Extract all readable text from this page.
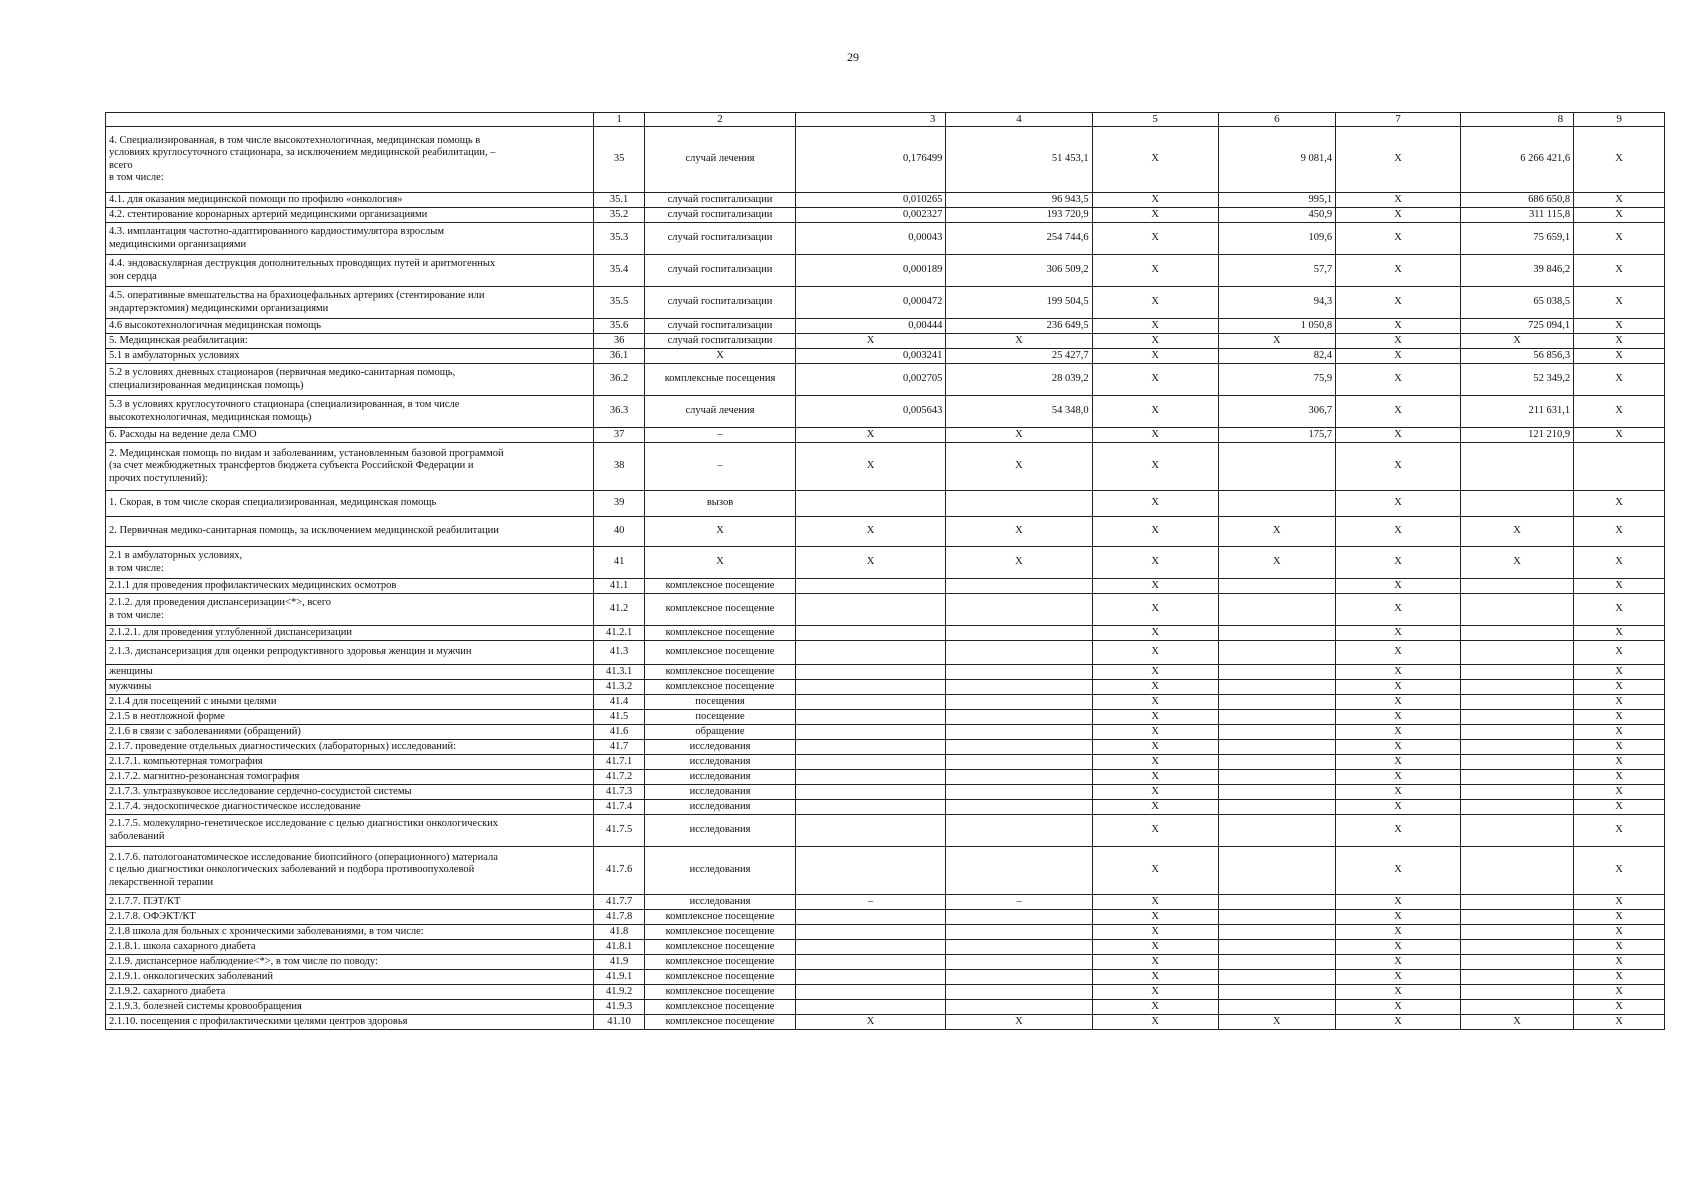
29
	1	2	3	4	5	6	7	8	9
4. Специализированная, в том числе высокотехнологичная, медицинская помощь в
условиях круглосуточного стационара, за исключением медицинской реабилитации, –
всего
в том числе:	35	случай лечения	0,176499	51 453,1	X	9 081,4	X	6 266 421,6	X
4.1. для оказания медицинской помощи по профилю «онкология»	35.1	случай госпитализации	0,010265	96 943,5	X	995,1	X	686 650,8	X
4.2. стентирование коронарных артерий медицинскими организациями	35.2	случай госпитализации	0,002327	193 720,9	X	450,9	X	311 115,8	X
4.3. имплантация частотно-адаптированного кардиостимулятора взрослым
медицинскими организациями	35.3	случай госпитализации	0,00043	254 744,6	X	109,6	X	75 659,1	X
4.4. эндоваскулярная деструкция дополнительных проводящих путей и аритмогенных
зон сердца	35.4	случай госпитализации	0,000189	306 509,2	X	57,7	X	39 846,2	X
4.5. оперативные вмешательства на брахиоцефальных артериях (стентирование или
эндартерэктомия) медицинскими организациями	35.5	случай госпитализации	0,000472	199 504,5	X	94,3	X	65 038,5	X
4.6 высокотехнологичная медицинская помощь	35.6	случай госпитализации	0,00444	236 649,5	X	1 050,8	X	725 094,1	X
5. Медицинская реабилитация:	36	случай госпитализации	X	X	X	X	X	X	X
5.1 в амбулаторных условиях	36.1	X	0,003241	25 427,7	X	82,4	X	56 856,3	X
5.2 в условиях дневных стационаров (первичная медико-санитарная помощь,
специализированная медицинская помощь)	36.2	комплексные посещения	0,002705	28 039,2	X	75,9	X	52 349,2	X
5.3 в условиях круглосуточного стационара (специализированная, в том числе
высокотехнологичная, медицинская помощь)	36.3	случай лечения	0,005643	54 348,0	X	306,7	X	211 631,1	X
6. Расходы на ведение дела СМО	37	–	X	X	X	175,7	X	121 210,9	X
2. Медицинская помощь по видам и заболеваниям, установленным базовой программой
(за счет межбюджетных трансфертов бюджета субъекта Российской Федерации и
прочих поступлений):	38	–	X	X	X		X		
1. Скорая, в том числе скорая специализированная, медицинская помощь	39	вызов			X		X		X
2. Первичная медико-санитарная помощь, за исключением медицинской реабилитации	40	X	X	X	X	X	X	X	X
2.1 в амбулаторных условиях,
в том числе:	41	X	X	X	X	X	X	X	X
2.1.1 для проведения профилактических медицинских осмотров	41.1	комплексное посещение			X		X		X
2.1.2. для проведения диспансеризации<*>, всего
в том числе:	41.2	комплексное посещение			X		X		X
2.1.2.1. для проведения углубленной диспансеризации	41.2.1	комплексное посещение			X		X		X
2.1.3. диспансеризация для оценки репродуктивного здоровья женщин и мужчин	41.3	комплексное посещение			X		X		X
женщины	41.3.1	комплексное посещение			X		X		X
мужчины	41.3.2	комплексное посещение			X		X		X
2.1.4 для посещений с иными целями	41.4	посещения			X		X		X
2.1.5 в неотложной форме	41.5	посещение			X		X		X
2.1.6 в связи с заболеваниями (обращений)	41.6	обращение			X		X		X
2.1.7. проведение отдельных диагностических (лабораторных) исследований:	41.7	исследования			X		X		X
2.1.7.1. компьютерная томография	41.7.1	исследования			X		X		X
2.1.7.2. магнитно-резонансная томография	41.7.2	исследования			X		X		X
2.1.7.3. ультразвуковое исследование сердечно-сосудистой системы	41.7.3	исследования			X		X		X
2.1.7.4. эндоскопическое диагностическое исследование	41.7.4	исследования			X		X		X
2.1.7.5. молекулярно-генетическое исследование с целью диагностики онкологических
заболеваний	41.7.5	исследования			X		X		X
2.1.7.6. патологоанатомическое исследование биопсийного (операционного) материала
с целью диагностики онкологических заболеваний и подбора противоопухолевой
лекарственной терапии	41.7.6	исследования			X		X		X
2.1.7.7. ПЭТ/КТ	41.7.7	исследования	–	–	X		X		X
2.1.7.8. ОФЭКТ/КТ	41.7.8	комплексное посещение			X		X		X
2.1.8 школа для больных с хроническими заболеваниями, в том числе:	41.8	комплексное посещение			X		X		X
2.1.8.1. школа сахарного диабета	41.8.1	комплексное посещение			X		X		X
2.1.9. диспансерное наблюдение<*>, в том числе по поводу:	41.9	комплексное посещение			X		X		X
2.1.9.1. онкологических заболеваний	41.9.1	комплексное посещение			X		X		X
2.1.9.2. сахарного диабета	41.9.2	комплексное посещение			X		X		X
2.1.9.3. болезней системы кровообращения	41.9.3	комплексное посещение			X		X		X
2.1.10. посещения с профилактическими целями центров здоровья	41.10	комплексное посещение	X	X	X	X	X	X	X
